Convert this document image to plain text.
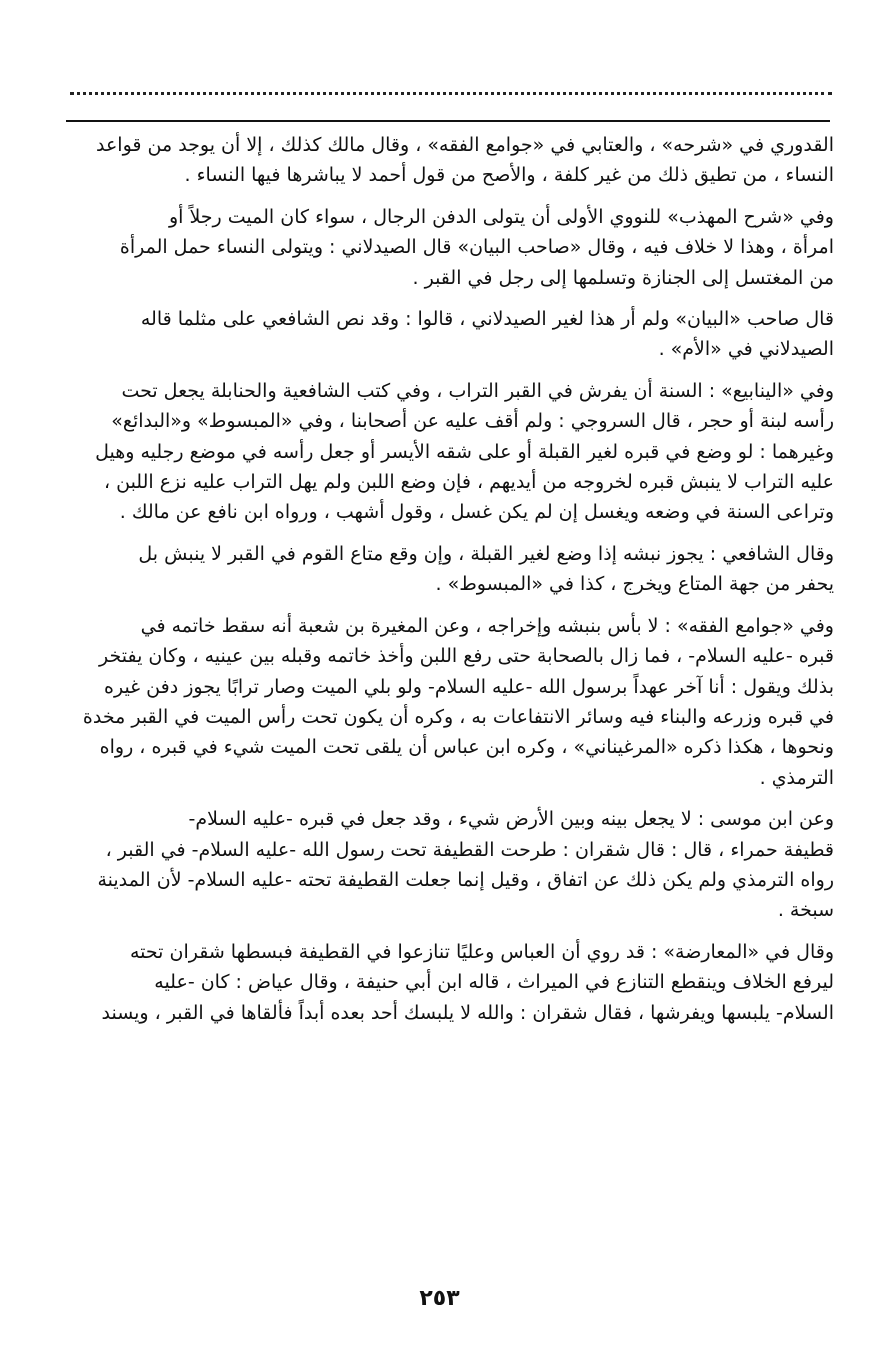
القدوري في «شرحه» ، والعتابي في «جوامع الفقه» ، وقال مالك كذلك ، إلا أن يوجد من قواعد
النساء ، من تطيق ذلك من غير كلفة ، والأصح من قول أحمد لا يباشرها فيها النساء .
وفي «شرح المهذب» للنووي الأولى أن يتولى الدفن الرجال ، سواء كان الميت رجلاً أو
امرأة ، وهذا لا خلاف فيه ، وقال «صاحب البيان» قال الصيدلاني : ويتولى النساء حمل المرأة
من المغتسل إلى الجنازة وتسلمها إلى رجل في القبر .
قال صاحب «البيان» ولم أر هذا لغير الصيدلاني ، قالوا : وقد نص الشافعي على مثلما قاله
الصيدلاني في «الأم» .
وفي «الينابيع» : السنة أن يفرش في القبر التراب ، وفي كتب الشافعية والحنابلة يجعل تحت
رأسه لبنة أو حجر ، قال السروجي : ولم أقف عليه عن أصحابنا ، وفي «المبسوط» و«البدائع»
وغيرهما : لو وضع في قبره لغير القبلة أو على شقه الأيسر أو جعل رأسه في موضع رجليه وهيل
عليه التراب لا ينبش قبره لخروجه من أيديهم ، فإن وضع اللبن ولم يهل التراب عليه نزع اللبن ،
وتراعى السنة في وضعه ويغسل إن لم يكن غسل ، وقول أشهب ، ورواه ابن نافع عن مالك .
وقال الشافعي : يجوز نبشه إذا وضع لغير القبلة ، وإن وقع متاع القوم في القبر لا ينبش بل
يحفر من جهة المتاع ويخرج ، كذا في «المبسوط» .
وفي «جوامع الفقه» : لا بأس بنبشه وإخراجه ، وعن المغيرة بن شعبة أنه سقط خاتمه في
قبره -عليه السلام- ، فما زال بالصحابة حتى رفع اللبن وأخذ خاتمه وقبله بين عينيه ، وكان يفتخر
بذلك ويقول : أنا آخر عهداً برسول الله -عليه السلام- ولو بلي الميت وصار ترابًا يجوز دفن غيره
في قبره وزرعه والبناء فيه وسائر الانتفاعات به ، وكره أن يكون تحت رأس الميت في القبر مخدة
ونحوها ، هكذا ذكره «المرغيناني» ، وكره ابن عباس أن يلقى تحت الميت شيء في قبره ، رواه
الترمذي .
وعن ابن موسى : لا يجعل بينه وبين الأرض شيء ، وقد جعل في قبره -عليه السلام-
قطيفة حمراء ، قال : قال شقران : طرحت القطيفة تحت رسول الله -عليه السلام- في القبر ،
رواه الترمذي ولم يكن ذلك عن اتفاق ، وقيل إنما جعلت القطيفة تحته -عليه السلام- لأن المدينة
سبخة .
وقال في «المعارضة» : قد روي أن العباس وعليًا تنازعوا في القطيفة فبسطها شقران تحته
ليرفع الخلاف وينقطع التنازع في الميراث ، قاله ابن أبي حنيفة ، وقال عياض : كان -عليه
السلام- يلبسها ويفرشها ، فقال شقران : والله لا يلبسك أحد بعده أبداً فألقاها في القبر ، ويسند
٢٥٣
